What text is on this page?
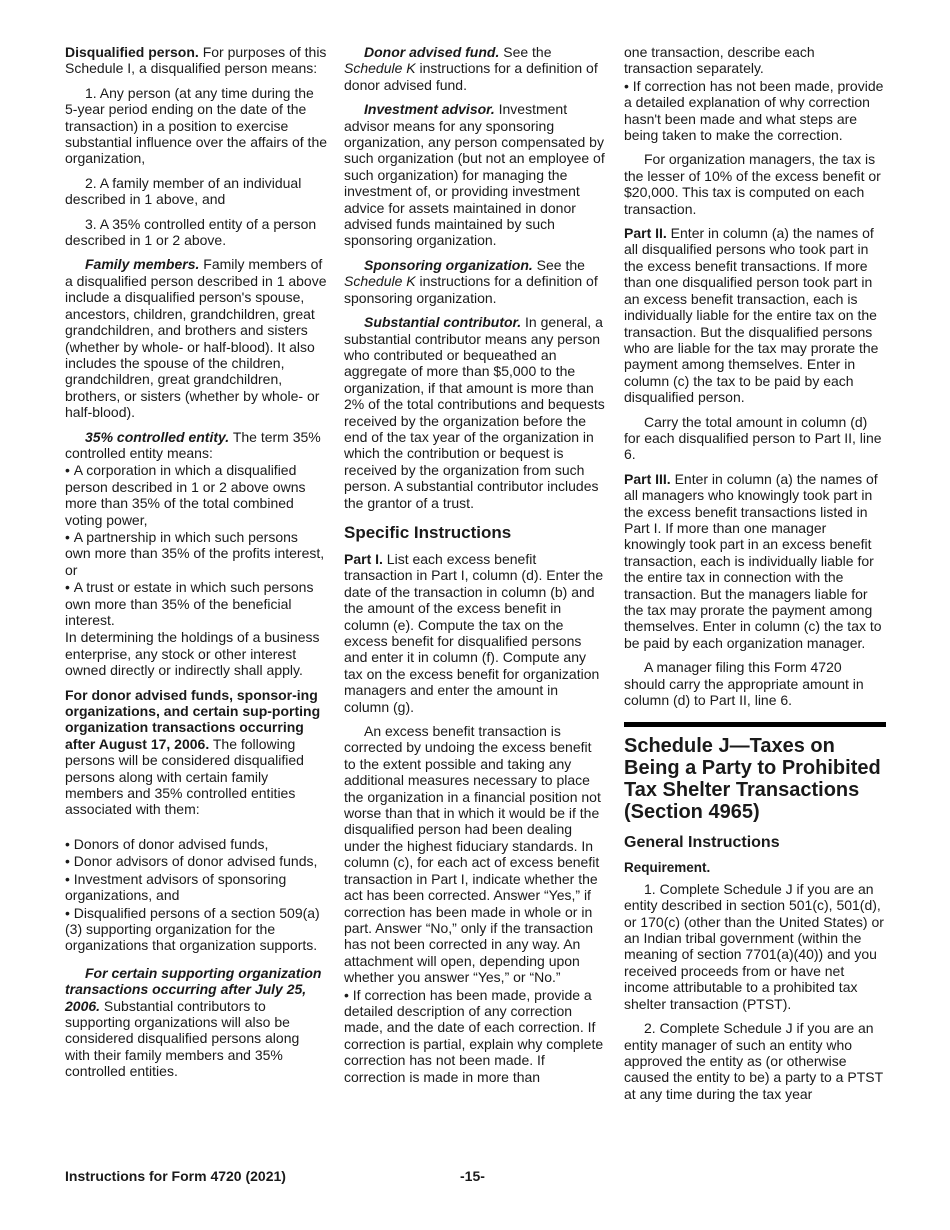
Disqualified person. For purposes of this Schedule I, a disqualified person means:

1. Any person (at any time during the 5-year period ending on the date of the transaction) in a position to exercise substantial influence over the affairs of the organization,

2. A family member of an individual described in 1 above, and

3. A 35% controlled entity of a person described in 1 or 2 above.

Family members. Family members of a disqualified person described in 1 above include a disqualified person's spouse, ancestors, children, grandchildren, great grandchildren, and brothers and sisters (whether by whole- or half-blood). It also includes the spouse of the children, grandchildren, great grandchildren, brothers, or sisters (whether by whole- or half-blood).

35% controlled entity. The term 35% controlled entity means:

• A corporation in which a disqualified person described in 1 or 2 above owns more than 35% of the total combined voting power,
• A partnership in which such persons own more than 35% of the profits interest, or
• A trust or estate in which such persons own more than 35% of the beneficial interest.

In determining the holdings of a business enterprise, any stock or other interest owned directly or indirectly shall apply.

For donor advised funds, sponsor-ing organizations, and certain sup-porting organization transactions occurring after August 17, 2006. The following persons will be considered disqualified persons along with certain family members and 35% controlled entities associated with them:

• Donors of donor advised funds,
• Donor advisors of donor advised funds,
• Investment advisors of sponsoring organizations, and
• Disqualified persons of a section 509(a)(3) supporting organization for the organizations that organization supports.

For certain supporting organization transactions occurring after July 25, 2006. Substantial contributors to supporting organizations will also be considered disqualified persons along with their family members and 35% controlled entities.

Donor advised fund. See the Schedule K instructions for a definition of donor advised fund.

Investment advisor. Investment advisor means for any sponsoring organization, any person compensated by such organization (but not an employee of such organization) for managing the investment of, or providing investment advice for assets maintained in donor advised funds maintained by such sponsoring organization.

Sponsoring organization. See the Schedule K instructions for a definition of sponsoring organization.

Substantial contributor. In general, a substantial contributor means any person who contributed or bequeathed an aggregate of more than $5,000 to the organization, if that amount is more than 2% of the total contributions and bequests received by the organization before the end of the tax year of the organization in which the contribution or bequest is received by the organization from such person. A substantial contributor includes the grantor of a trust.

Specific Instructions

Part I. List each excess benefit transaction in Part I, column (d). Enter the date of the transaction in column (b) and the amount of the excess benefit in column (e). Compute the tax on the excess benefit for disqualified persons and enter it in column (f). Compute any tax on the excess benefit for organization managers and enter the amount in column (g).

An excess benefit transaction is corrected by undoing the excess benefit to the extent possible and taking any additional measures necessary to place the organization in a financial position not worse than that in which it would be if the disqualified person had been dealing under the highest fiduciary standards. In column (c), for each act of excess benefit transaction in Part I, indicate whether the act has been corrected. Answer “Yes,” if correction has been made in whole or in part. Answer “No,” only if the transaction has not been corrected in any way. An attachment will open, depending upon whether you answer “Yes,” or “No.”

• If correction has been made, provide a detailed description of any correction made, and the date of each correction. If correction is partial, explain why complete correction has not been made. If correction is made in more than

one transaction, describe each transaction separately.

• If correction has not been made, provide a detailed explanation of why correction hasn't been made and what steps are being taken to make the correction.

For organization managers, the tax is the lesser of 10% of the excess benefit or $20,000. This tax is computed on each transaction.

Part II. Enter in column (a) the names of all disqualified persons who took part in the excess benefit transactions. If more than one disqualified person took part in an excess benefit transaction, each is individually liable for the entire tax on the transaction. But the disqualified persons who are liable for the tax may prorate the payment among themselves. Enter in column (c) the tax to be paid by each disqualified person.

Carry the total amount in column (d) for each disqualified person to Part II, line 6.

Part III. Enter in column (a) the names of all managers who knowingly took part in the excess benefit transactions listed in Part I. If more than one manager knowingly took part in an excess benefit transaction, each is individually liable for the entire tax in connection with the transaction. But the managers liable for the tax may prorate the payment among themselves. Enter in column (c) the tax to be paid by each organization manager.

A manager filing this Form 4720 should carry the appropriate amount in column (d) to Part II, line 6.

Schedule J—Taxes on Being a Party to Prohibited Tax Shelter Transactions (Section 4965)
General Instructions
Requirement.

1. Complete Schedule J if you are an entity described in section 501(c), 501(d), or 170(c) (other than the United States) or an Indian tribal government (within the meaning of section 7701(a)(40)) and you received proceeds from or have net income attributable to a prohibited tax shelter transaction (PTST).

2. Complete Schedule J if you are an entity manager of such an entity who approved the entity as (or otherwise caused the entity to be) a party to a PTST at any time during the tax year

Instructions for Form 4720 (2021)	-15-
